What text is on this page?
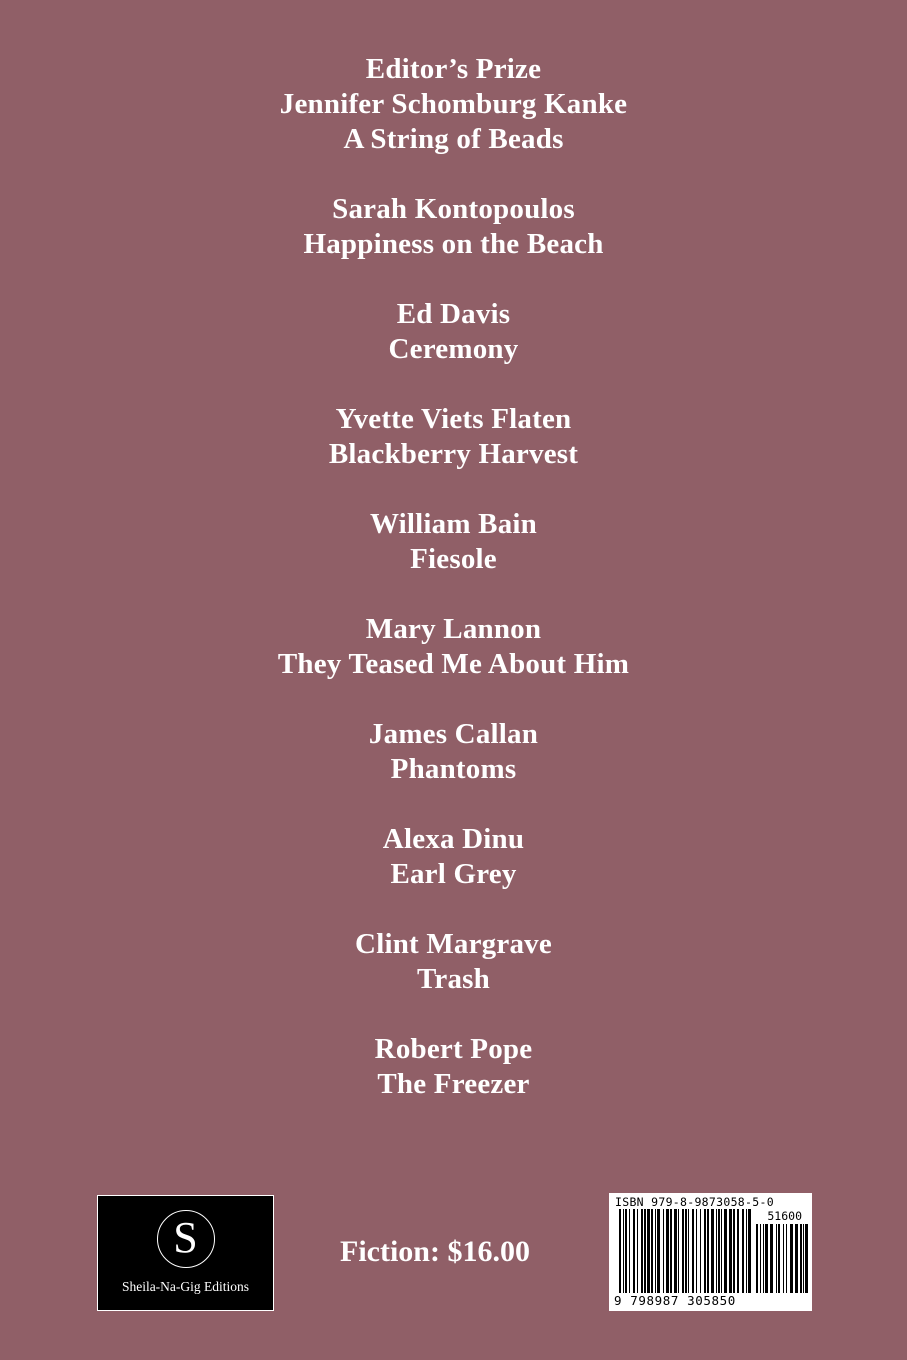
Editor’s Prize
Jennifer Schomburg Kanke
A String of Beads
Sarah Kontopoulos
Happiness on the Beach
Ed Davis
Ceremony
Yvette Viets Flaten
Blackberry Harvest
William Bain
Fiesole
Mary Lannon
They Teased Me About Him
James Callan
Phantoms
Alexa Dinu
Earl Grey
Clint Margrave
Trash
Robert Pope
The Freezer
S
Sheila-Na-Gig Editions
Fiction: $16.00
ISBN 979-8-9873058-5-0
51600
9 798987 305850
